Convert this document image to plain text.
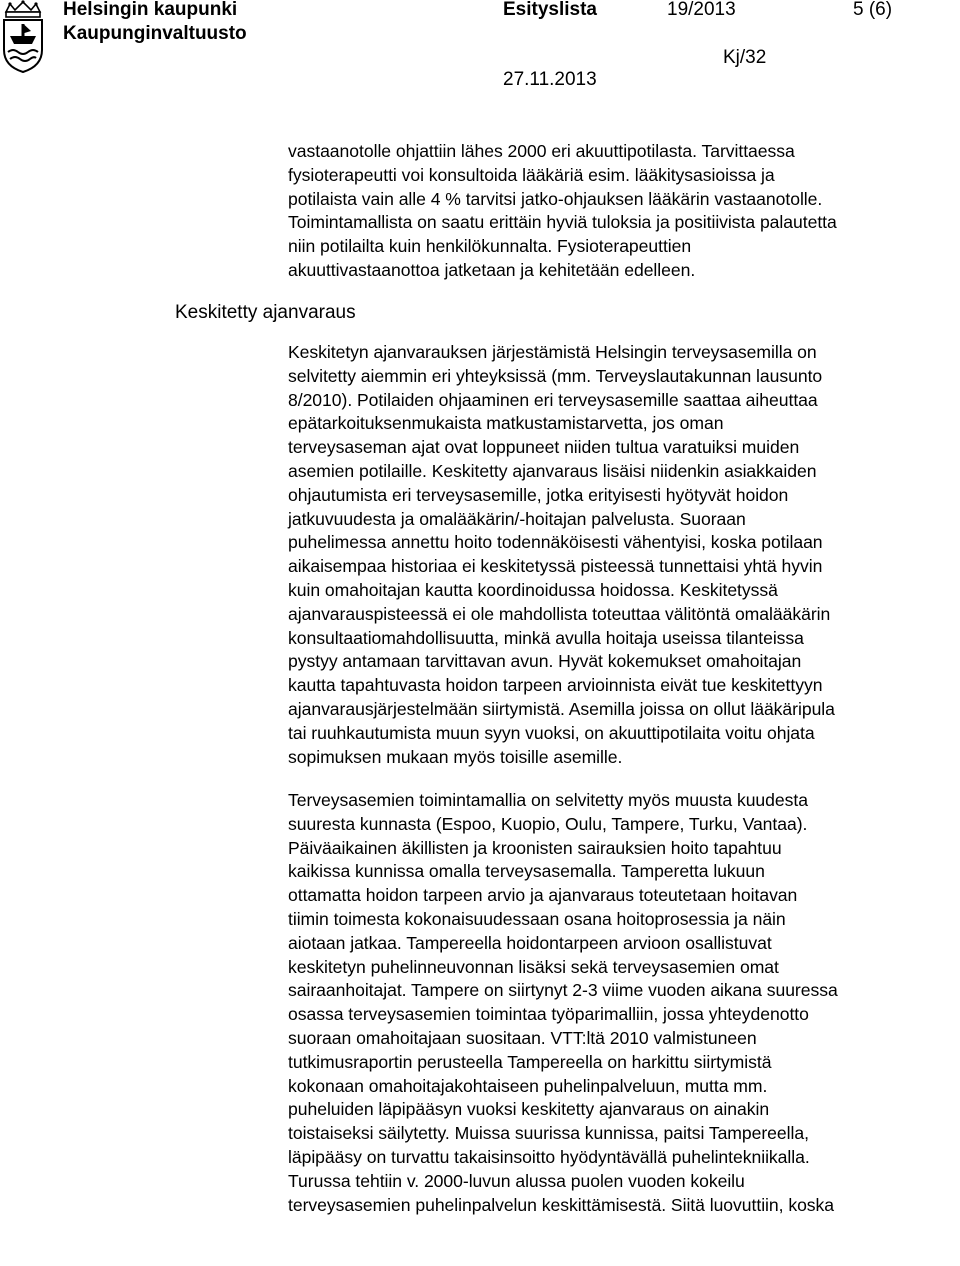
Helsingin kaupunki
Kaupunginvaltuusto
Esityslista	19/2013	5 (6)
Kj/32
27.11.2013
Keskitetty ajanvaraus
vastaanotolle ohjattiin lähes 2000 eri akuuttipotilasta. Tarvittaessa
fysioterapeutti voi konsultoida lääkäriä esim. lääkitysasioissa ja
potilaista vain alle 4 % tarvitsi jatko-ohjauksen lääkärin vastaanotolle.
Toimintamallista on saatu erittäin hyviä tuloksia ja positiivista palautetta
niin potilailta kuin henkilökunnalta. Fysioterapeuttien
akuuttivastaanottoa jatketaan ja kehitetään edelleen.
Keskitetyn ajanvarauksen järjestämistä Helsingin terveysasemilla on
selvitetty aiemmin eri yhteyksissä (mm. Terveyslautakunnan lausunto
8/2010). Potilaiden ohjaaminen eri terveysasemille saattaa aiheuttaa
epätarkoituksenmukaista matkustamistarvetta, jos oman
terveysaseman ajat ovat loppuneet niiden tultua varatuiksi muiden
asemien potilaille. Keskitetty ajanvaraus lisäisi niidenkin asiakkaiden
ohjautumista eri terveysasemille, jotka erityisesti hyötyvät hoidon
jatkuvuudesta ja omalääkärin/-hoitajan palvelusta. Suoraan
puhelimessa annettu hoito todennäköisesti vähentyisi, koska potilaan
aikaisempaa historiaa ei keskitetyssä pisteessä tunnettaisi yhtä hyvin
kuin omahoitajan kautta koordinoidussa hoidossa. Keskitetyssä
ajanvarauspisteessä ei ole mahdollista toteuttaa välitöntä omalääkärin
konsultaatiomahdollisuutta, minkä avulla hoitaja useissa tilanteissa
pystyy antamaan tarvittavan avun. Hyvät kokemukset omahoitajan
kautta tapahtuvasta hoidon tarpeen arvioinnista eivät tue keskitettyyn
ajanvarausjärjestelmään siirtymistä. Asemilla joissa on ollut lääkäripula
tai ruuhkautumista muun syyn vuoksi, on akuuttipotilaita voitu ohjata
sopimuksen mukaan myös toisille asemille.
Terveysasemien toimintamallia on selvitetty myös muusta kuudesta
suuresta kunnasta (Espoo, Kuopio, Oulu, Tampere, Turku, Vantaa).
Päiväaikainen äkillisten ja kroonisten sairauksien hoito tapahtuu
kaikissa kunnissa omalla terveysasemalla. Tamperetta lukuun
ottamatta hoidon tarpeen arvio ja ajanvaraus toteutetaan hoitavan
tiimin toimesta kokonaisuudessaan osana hoitoprosessia ja näin
aiotaan jatkaa. Tampereella hoidontarpeen arvioon osallistuvat
keskitetyn puhelinneuvonnan lisäksi sekä terveysasemien omat
sairaanhoitajat. Tampere on siirtynyt 2-3 viime vuoden aikana suuressa
osassa terveysasemien toimintaa työparimalliin, jossa yhteydenotto
suoraan omahoitajaan suositaan. VTT:ltä 2010 valmistuneen
tutkimusraportin perusteella Tampereella on harkittu siirtymistä
kokonaan omahoitajakohtaiseen puhelinpalveluun, mutta mm.
puheluiden läpipääsyn vuoksi keskitetty ajanvaraus on ainakin
toistaiseksi säilytetty. Muissa suurissa kunnissa, paitsi Tampereella,
läpipääsy on turvattu takaisinsoitto hyödyntävällä puhelintekniikalla.
Turussa tehtiin v. 2000-luvun alussa puolen vuoden kokeilu
terveysasemien puhelinpalvelun keskittämisestä. Siitä luovuttiin, koska
